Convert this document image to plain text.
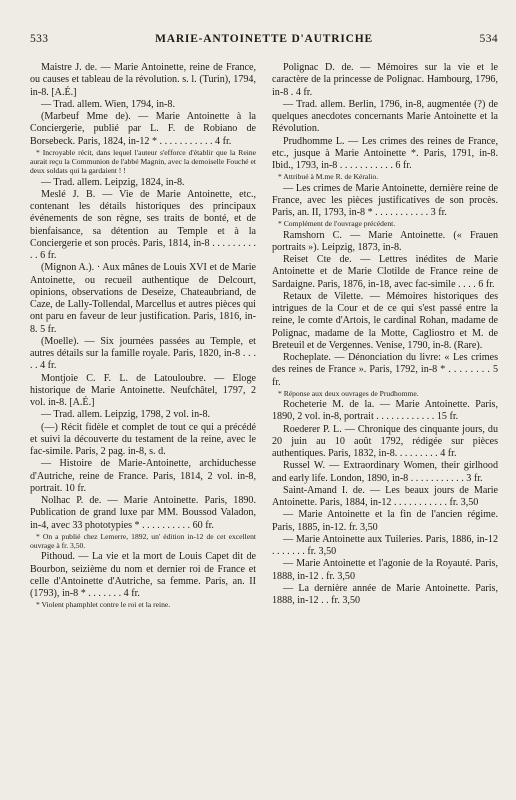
533	MARIE-ANTOINETTE D'AUTRICHE	534

Maistre J. de. — Marie Antoinette, reine de France, ou causes et tableau de la révolution. s. l. (Turin), 1794, in-8. [A.É.]

— Trad. allem. Wien, 1794, in-8.

(Marbeuf Mme de). — Marie Antoinette à la Conciergerie, publié par L. F. de Robiano de Borsebeck. Paris, 1824, in-12 * . . . . . . . . . . . 4 fr.

* Incroyable récit, dans lequel l'auteur s'efforce d'établir que la Reine aurait reçu la Communion de l'abbé Magnin, avec la demoiselle Fouché et deux soldats qui la gardaient ! !

— Trad. allem. Leipzig, 1824, in-8.

Meslé J. B. — Vie de Marie Antoinette, etc., contenant les détails historiques des principaux événements de son règne, ses traits de bonté, et de bienfaisance, sa détention au Temple et à la Conciergerie et son procès. Paris, 1814, in-8 . . . . . . . . . . . 6 fr.

(Mignon A.). · Aux mânes de Louis XVI et de Marie Antoinette, ou recueil authentique de Delcourt, opinions, observations de Deseize, Chateaubriand, de Caze, de Lally-Tollendal, Marcellus et autres pièces qui ont paru en faveur de leur justification. Paris, 1816, in-8. 5 fr.

(Moelle). — Six journées passées au Temple, et autres détails sur la famille royale. Paris, 1820, in-8 . . . . . 4 fr.

Montjoie C. F. L. de Latouloubre. — Eloge historique de Marie Antoinette. Neufchâtel, 1797, 2 vol. in-8. [A.É.]

— Trad. allem. Leipzig, 1798, 2 vol. in-8.

(—) Récit fidèle et complet de tout ce qui a précédé et suivi la découverte du testament de la reine, avec le fac-simile. Paris, 2 pag. in-8, s. d.

— Histoire de Marie-Antoinette, archiduchesse d'Autriche, reine de France. Paris, 1814, 2 vol. in-8, portrait. 10 fr.

Nolhac P. de. — Marie Antoinette. Paris, 1890. Publication de grand luxe par MM. Boussod Valadon, in-4, avec 33 phototypies * . . . . . . . . . . 60 fr.

* On a publié chez Lemerre, 1892, un' édition in-12 de cet excellent ouvrage à fr. 3,50.

Pithoud. — La vie et la mort de Louis Capet dit de Bourbon, seizième du nom et dernier roi de France et celle d'Antoinette d'Autriche, sa femme. Paris, an. II (1793), in-8 * . . . . . . . 4 fr.

* Violent phamphlet contre le roi et la reine.

Polignac D. de. — Mémoires sur la vie et le caractère de la princesse de Polignac. Hambourg, 1796, in-8 . 4 fr.

— Trad. allem. Berlin, 1796, in-8, augmentée (?) de quelques anecdotes concernants Marie Antoinette et la Révolution.

Prudhomme L. — Les crimes des reines de France, etc., jusque à Marie Antoinette *. Paris, 1791, in-8. Ibid., 1793, in-8 . . . . . . . . . . . 6 fr.

* Attribué à M.me R. de Kéralio.

— Les crimes de Marie Antoinette, dernière reine de France, avec les pièces justificatives de son procès. Paris, an. II, 1793, in-8 * . . . . . . . . . . . 3 fr.

* Complément de l'ouvrage précédent.

Ramshorn C. — Marie Antoinette. (« Frauen portraits »). Leipzig, 1873, in-8.

Reiset Cte de. — Lettres inédites de Marie Antoinette et de Marie Clotilde de France reine de Sardaigne. Paris, 1876, in-18, avec fac-simile . . . . 6 fr.

Retaux de Vilette. — Mémoires historiques des intrigues de la Cour et de ce qui s'est passé entre la reine, le comte d'Artois, le cardinal Rohan, madame de Polignac, madame de la Motte, Cagliostro et M. de Breteuil et de Vergennes. Venise, 1790, in-8. (Rare).

Rocheplate. — Dénonciation du livre: « Les crimes des reines de France ». Paris, 1792, in-8 * . . . . . . . . 5 fr.

* Réponse aux deux ouvrages de Prudhomme.

Rocheterie M. de la. — Marie Antoinette. Paris, 1890, 2 vol. in-8, portrait . . . . . . . . . . . . 15 fr.

Roederer P. L. — Chronique des cinquante jours, du 20 juin au 10 août 1792, rédigée sur pièces authentiques. Paris, 1832, in-8. . . . . . . . . 4 fr.

Russel W. — Extraordinary Women, their girlhood and early life. London, 1890, in-8 . . . . . . . . . . . 3 fr.

Saint-Amand I. de. — Les beaux jours de Marie Antoinette. Paris, 1884, in-12 . . . . . . . . . . . fr. 3,50

— Marie Antoinette et la fin de l'ancien régime. Paris, 1885, in-12. fr. 3,50

— Marie Antoinette aux Tuileries. Paris, 1886, in-12 . . . . . . . fr. 3,50

— Marie Antoinette et l'agonie de la Royauté. Paris, 1888, in-12 . fr. 3,50

— La dernière année de Marie Antoinette. Paris, 1888, in-12 . . fr. 3,50
